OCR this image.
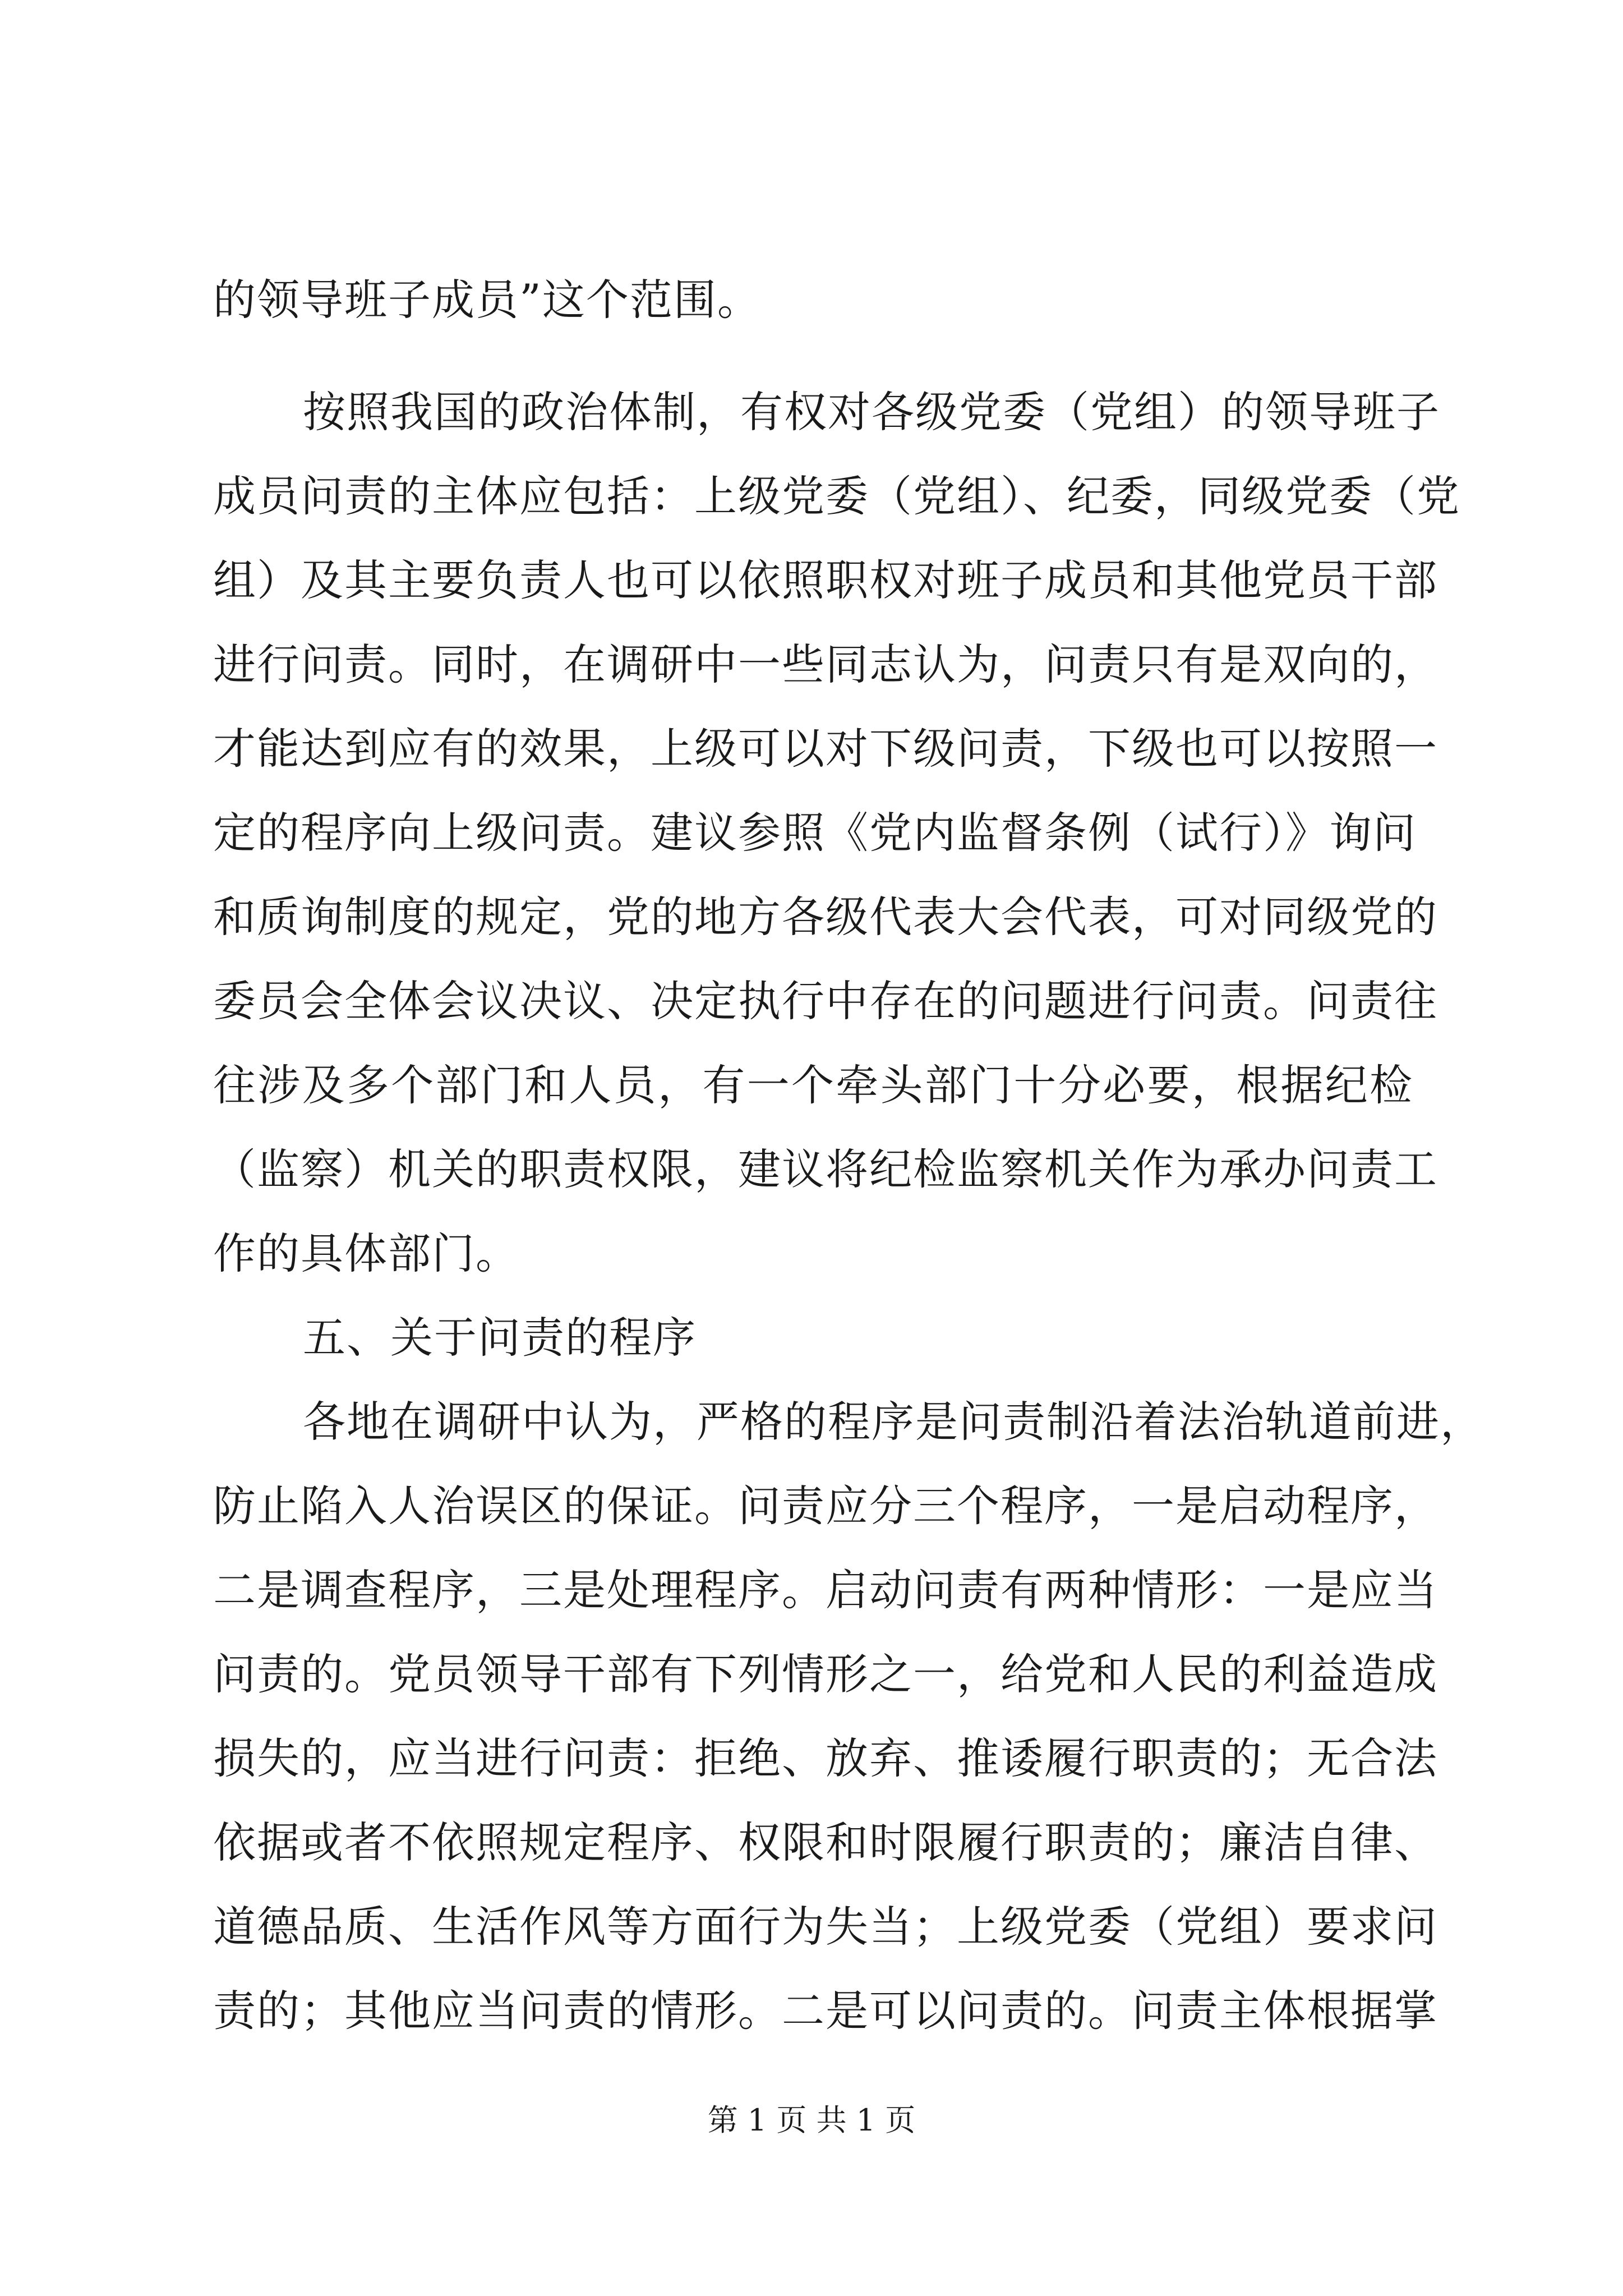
的领导班子成员”这个范围。
按照我国的政治体制，有权对各级党委（党组）的领导班子
成员问责的主体应包括：上级党委（党组）、纪委，同级党委（党
组）及其主要负责人也可以依照职权对班子成员和其他党员干部
进行问责。同时，在调研中一些同志认为，问责只有是双向的，
才能达到应有的效果，上级可以对下级问责，下级也可以按照一
定的程序向上级问责。建议参照《党内监督条例（试行）》询问
和质询制度的规定，党的地方各级代表大会代表，可对同级党的
委员会全体会议决议、决定执行中存在的问题进行问责。问责往
往涉及多个部门和人员，有一个牵头部门十分必要，根据纪检
（监察）机关的职责权限，建议将纪检监察机关作为承办问责工
作的具体部门。
五、关于问责的程序
各地在调研中认为，严格的程序是问责制沿着法治轨道前进，
防止陷入人治误区的保证。问责应分三个程序，一是启动程序，
二是调查程序，三是处理程序。启动问责有两种情形：一是应当
问责的。党员领导干部有下列情形之一，给党和人民的利益造成
损失的，应当进行问责：拒绝、放弃、推诿履行职责的；无合法
依据或者不依照规定程序、权限和时限履行职责的；廉洁自律、
道德品质、生活作风等方面行为失当；上级党委（党组）要求问
责的；其他应当问责的情形。二是可以问责的。问责主体根据掌
第 1 页 共 1 页
